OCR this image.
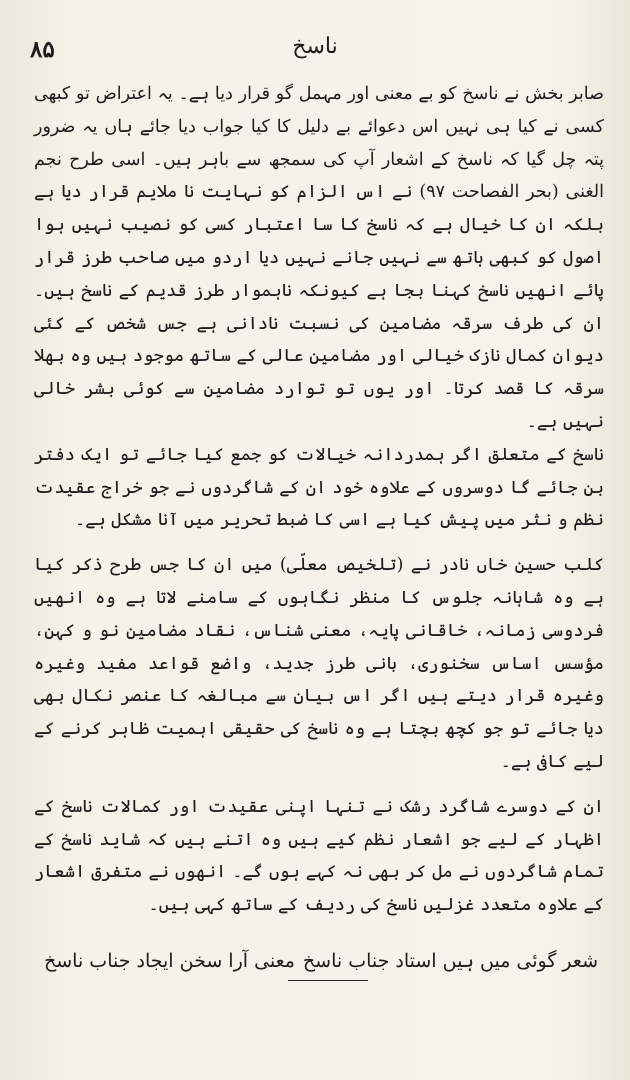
۸۵	ناسخ

صابر بخش نے ناسخ کو بے معنی اور مہمل گو قرار دیا ہے۔ یہ اعتراض تو کبھی کسی نے کیا ہی نہیں اس دعوائے بے دلیل کا کیا جواب دیا جائے ہاں یہ ضرور پتہ چل گیا کہ ناسخ کے اشعار آپ کی سمجھ سے باہر ہیں۔ اسی طرح نجم الغنی (بحر الفصاحت ۹۷) نے اس الزام کو نہایت نا ملایم قرار دیا ہے بلکہ ان کا خیال ہے کہ ناسخ کا سا اعتبار کسی کو نصیب نہیں ہوا اصول کو کبھی ہاتھ سے نہیں جانے نہیں دیا اردو میں صاحب طرز قرار پائے انھیں ناسخ کہنا بجا ہے کیونکہ ناہموار طرز قدیم کے ناسخ ہیں۔ ان کی طرف سرقہ مضامین کی نسبت نادانی ہے جس شخص کے کئی دیوان کمال نازک خیالی اور مضامین عالی کے ساتھ موجود ہیں وہ بھلا سرقہ کا قصد کرتا۔ اور یوں تو توارد مضامین سے کوئی بشر خالی نہیں ہے۔

ناسخ کے متعلق اگر ہمدردانہ خیالات کو جمع کیا جائے تو ایک دفتر بن جائے گا دوسروں کے علاوہ خود ان کے شاگردوں نے جو خراج عقیدت نظم و نثر میں پیش کیا ہے اسی کا ضبط تحریر میں آنا مشکل ہے۔

کلب حسین خاں نادر نے (تلخیص معلّی) میں ان کا جس طرح ذکر کیا ہے وہ شاہانہ جلوس کا منظر نگاہوں کے سامنے لاتا ہے وہ انھیں فردوسی زمانہ، خاقانی پایہ، معنی شناس، نقاد مضامین نو و کہن، مؤسس اساس سخنوری، بانی طرز جدید، واضع قواعد مفید وغیرہ وغیرہ قرار دیتے ہیں اگر اس بیان سے مبالغہ کا عنصر نکال بھی دیا جائے تو جو کچھ بچتا ہے وہ ناسخ کی حقیقی اہمیت ظاہر کرنے کے لیے کافی ہے۔

ان کے دوسرے شاگرد رشک نے تنہا اپنی عقیدت اور کمالات ناسخ کے اظہار کے لیے جو اشعار نظم کیے ہیں وہ اتنے ہیں کہ شاید ناسخ کے تمام شاگردوں نے مل کر بھی نہ کہے ہوں گے۔ انھوں نے متفرق اشعار کے علاوہ متعدد غزلیں ناسخ کی ردیف کے ساتھ کہی ہیں۔

شعر گوئی میں ہیں استاد جناب ناسخ
معنی آرا سخن ایجاد جناب ناسخ
